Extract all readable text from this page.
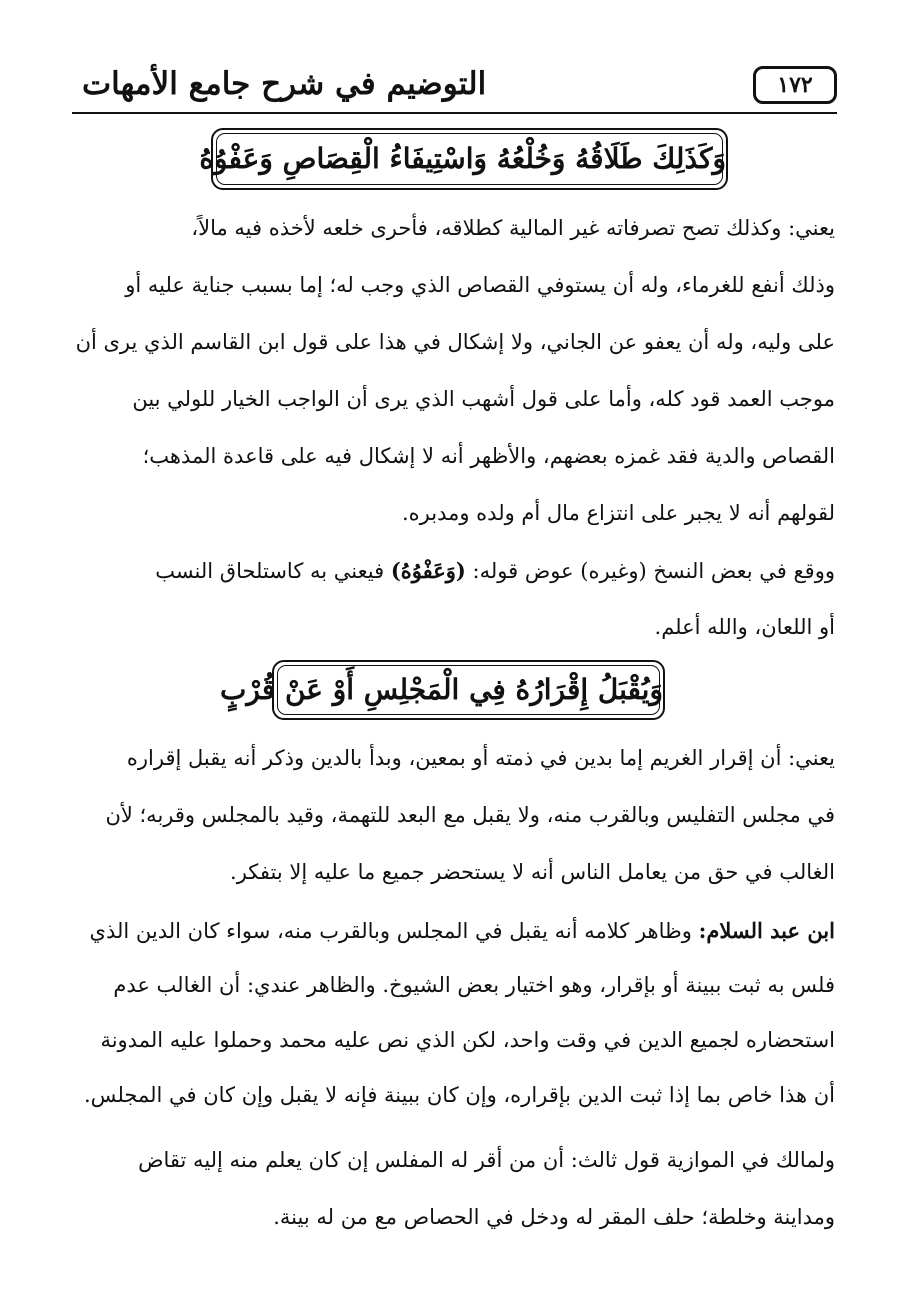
التوضيم في شرح جامع الأمهات	١٧٢
وَكَذَلِكَ طَلَاقُهُ وَخُلْعُهُ وَاسْتِيفَاءُ الْقِصَاصِ وَعَفْوُهُ
يعني: وكذلك تصح تصرفاته غير المالية كطلاقه، فأحرى خلعه لأخذه فيه مالاً،
وذلك أنفع للغرماء، وله أن يستوفي القصاص الذي وجب له؛ إما بسبب جناية عليه أو
على وليه، وله أن يعفو عن الجاني، ولا إشكال في هذا على قول ابن القاسم الذي يرى أن
موجب العمد قود كله، وأما على قول أشهب الذي يرى أن الواجب الخيار للولي بين
القصاص والدية فقد غمزه بعضهم، والأظهر أنه لا إشكال فيه على قاعدة المذهب؛
لقولهم أنه لا يجبر على انتزاع مال أم ولده ومدبره.
ووقع في بعض النسخ (وغيره) عوض قوله: (وَعَفْوُهُ) فيعني به كاستلحاق النسب
أو اللعان، والله أعلم.
وَيُقْبَلُ إِقْرَارُهُ فِي الْمَجْلِسِ أَوْ عَنْ قُرْبٍ
يعني: أن إقرار الغريم إما بدين في ذمته أو بمعين، وبدأ بالدين وذكر أنه يقبل إقراره
في مجلس التفليس وبالقرب منه، ولا يقبل مع البعد للتهمة، وقيد بالمجلس وقربه؛ لأن
الغالب في حق من يعامل الناس أنه لا يستحضر جميع ما عليه إلا بتفكر.
ابن عبد السلام: وظاهر كلامه أنه يقبل في المجلس وبالقرب منه، سواء كان الدين الذي
فلس به ثبت ببينة أو بإقرار، وهو اختيار بعض الشيوخ. والظاهر عندي: أن الغالب عدم
استحضاره لجميع الدين في وقت واحد، لكن الذي نص عليه محمد وحملوا عليه المدونة
أن هذا خاص بما إذا ثبت الدين بإقراره، وإن كان ببينة فإنه لا يقبل وإن كان في المجلس.
ولمالك في الموازية قول ثالث: أن من أقر له المفلس إن كان يعلم منه إليه تقاض
ومداينة وخلطة؛ حلف المقر له ودخل في الحصاص مع من له بينة.
